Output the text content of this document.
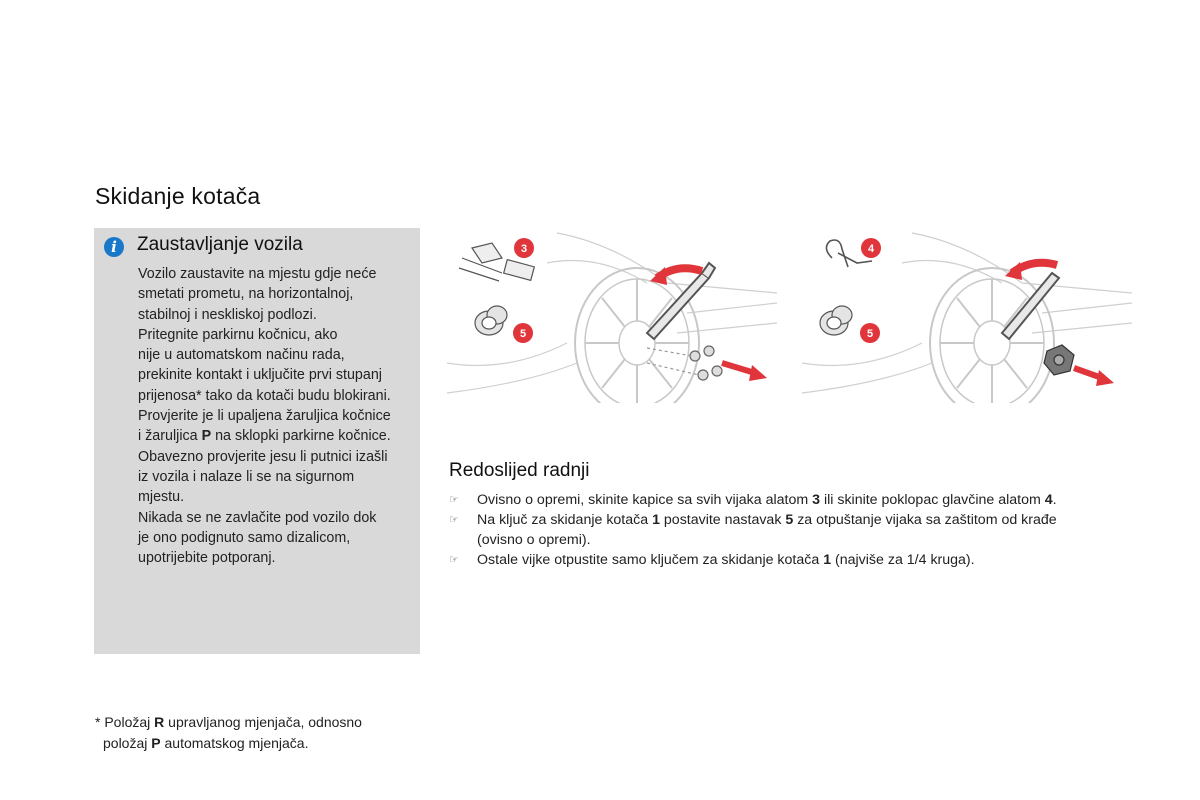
Skidanje kotača
i	Zaustavljanje vozila
Vozilo zaustavite na mjestu gdje neće
smetati prometu, na horizontalnoj,
stabilnoj i neskliskoj podlozi.
Pritegnite parkirnu kočnicu, ako
nije u automatskom načinu rada,
prekinite kontakt i uključite prvi stupanj
prijenosa* tako da kotači budu blokirani.
Provjerite je li upaljena žaruljica kočnice
i žaruljica P na sklopki parkirne kočnice.
Obavezno provjerite jesu li putnici izašli
iz vozila i nalaze li se na sigurnom
mjestu.
Nikada se ne zavlačite pod vozilo dok
je ono podignuto samo dizalicom,
upotrijebite potporanj.
3
5
4
5
Redoslijed radnji
☞ Ovisno o opremi, skinite kapice sa svih vijaka alatom 3 ili skinite poklopac glavčine alatom 4.
☞ Na ključ za skidanje kotača 1 postavite nastavak 5 za otpuštanje vijaka sa zaštitom od krađe
(ovisno o opremi).
☞ Ostale vijke otpustite samo ključem za skidanje kotača 1 (najviše za 1/4 kruga).
* Položaj R upravljanog mjenjača, odnosno
položaj P automatskog mjenjača.
